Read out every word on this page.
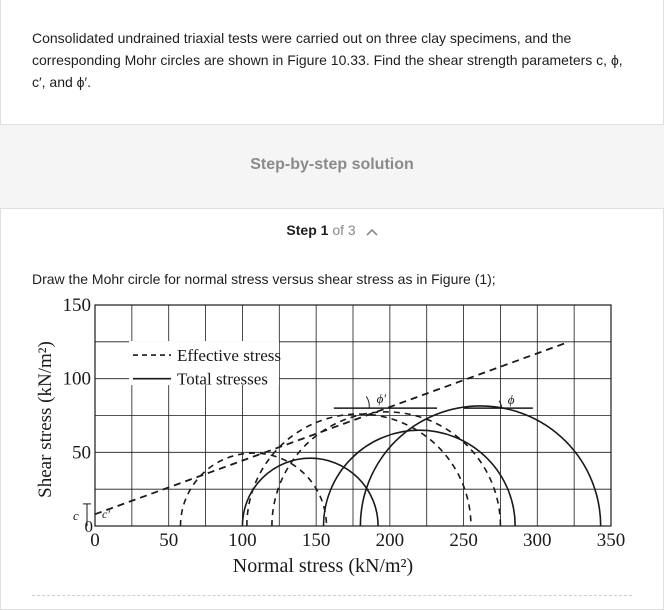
Consolidated undrained triaxial tests were carried out on three clay specimens, and the corresponding Mohr circles are shown in Figure 10.33. Find the shear strength parameters c, ϕ, c′, and ϕ′.

Step-by-step solution
Step 1 of 3

Draw the Mohr circle for normal stress versus shear stress as in Figure (1);

0	50	100 150 200 250 300 350
50
100
150
0
Normal stress (kN/m²)
Shear stress (kN/m²)	ϕ′	ϕ
c c′
Effective stress
Total stresses
